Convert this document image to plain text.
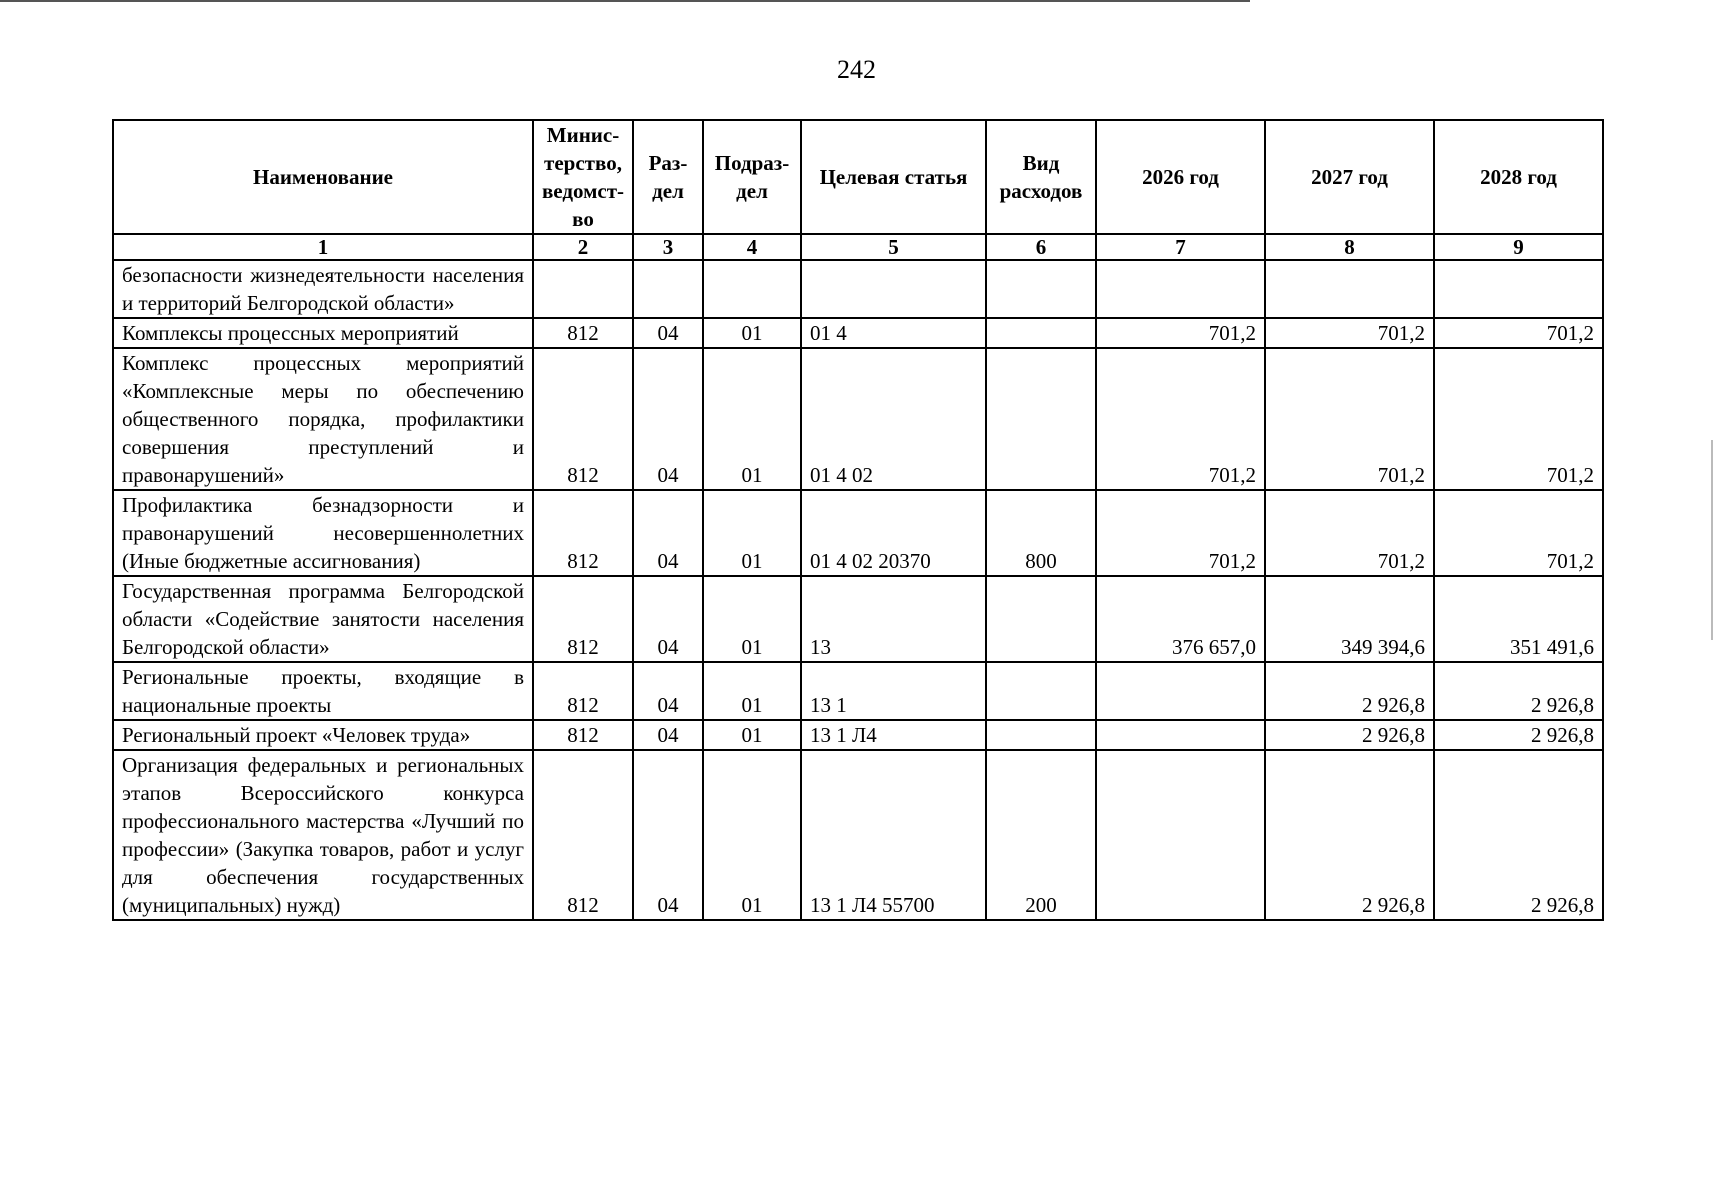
242
Наименование	Минис-терство, ведомст-во	Раз-дел	Подраз-дел	Целевая статья	Вид расходов	2026 год	2027 год	2028 год
1	2	3	4	5	6	7	8	9
безопасности жизнедеятельности населения и территорий Белгородской области»								
Комплексы процессных мероприятий	812	04	01	01 4		701,2	701,2	701,2
Комплекс процессных мероприятий «Комплексные меры по обеспечению общественного порядка, профилактики совершения преступлений и правонарушений»	812	04	01	01 4 02		701,2	701,2	701,2
Профилактика безнадзорности и правонарушений несовершеннолетних (Иные бюджетные ассигнования)	812	04	01	01 4 02 20370	800	701,2	701,2	701,2
Государственная программа Белгородской области «Содействие занятости населения Белгородской области»	812	04	01	13		376 657,0	349 394,6	351 491,6
Региональные проекты, входящие в национальные проекты	812	04	01	13 1			2 926,8	2 926,8
Региональный проект «Человек труда»	812	04	01	13 1 Л4			2 926,8	2 926,8
Организация федеральных и региональных этапов Всероссийского конкурса профессионального мастерства «Лучший по профессии» (Закупка товаров, работ и услуг для обеспечения государственных (муниципальных) нужд)	812	04	01	13 1 Л4 55700	200		2 926,8	2 926,8
